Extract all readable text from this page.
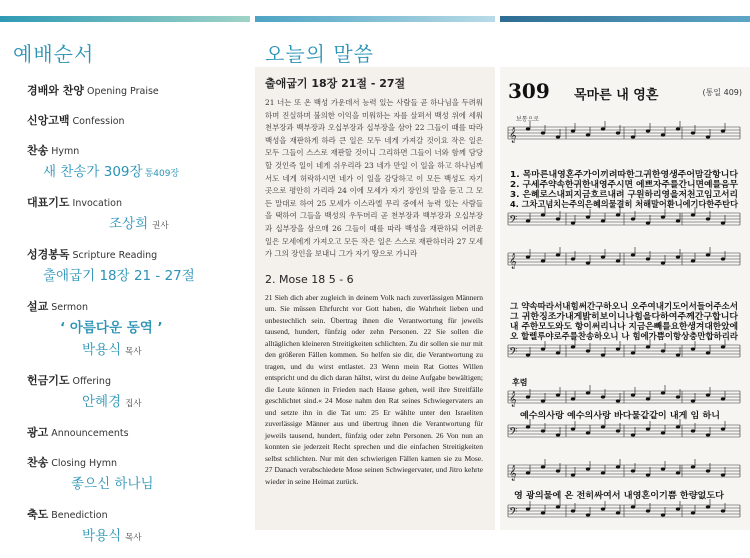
예배순서
경배와 찬양 Opening Praise
신앙고백 Confession
찬송 Hymn
새 찬송가 309장 통409장
대표기도 Invocation
조상희 권사
성경봉독 Scripture Reading
출애굽기 18장 21 - 27절
설교 Sermon
‘ 아름다운 동역 ’
박용식 목사
헌금기도 Offering
안혜경 집사
광고 Announcements
찬송 Closing Hymn
좋으신 하나님
축도 Benediction
박용식 목사
오늘의 말씀
출애굽기 18장 21절 - 27절

21 너는 또 온 백성 가운데서 능력 있는 사람들 곧 하나님을 두려워하며 진실하며 불의한 이익을 미워하는 자를 살펴서 백성 위에 세워 천부장과 백부장과 오십부장과 십부장을 삼아 22 그들이 때를 따라 백성을 재판하게 하라 큰 일은 모두 네게 가져갈 것이요 작은 일은 모두 그들이 스스로 재판할 것이니 그리하면 그들이 너와 함께 담당할 것인즉 일이 네게 쉬우리라 23 네가 만일 이 일을 하고 하나님께서도 네게 허락하시면 네가 이 일을 감당하고 이 모든 백성도 자기 곳으로 평안히 가리라 24 이에 모세가 자기 장인의 말을 듣고 그 모든 말대로 하여 25 모세가 이스라엘 무리 중에서 능력 있는 사람들을 택하여 그들을 백성의 우두머리 곧 천부장과 백부장과 오십부장과 십부장을 삼으매 26 그들이 때를 따라 백성을 재판하되 어려운 일은 모세에게 가져오고 모든 작은 일은 스스로 재판하더라 27 모세가 그의 장인을 보내니 그가 자기 땅으로 가니라

2. Mose 18 5 - 6

21 Sieh dich aber zugleich in deinem Volk nach zuverlässigen Männern um. Sie müssen Ehrfurcht vor Gott haben, die Wahrheit lieben und unbestechlich sein. Übertrag ihnen die Verantwortung für jeweils tausend, hundert, fünfzig oder zehn Personen. 22 Sie sollen die alltäglichen kleineren Streitigkeiten schlichten. Zu dir sollen sie nur mit den größeren Fällen kommen. So helfen sie dir, die Verantwortung zu tragen, und du wirst entlastet. 23 Wenn mein Rat Gottes Willen entspricht und du dich daran hältst, wirst du deine Aufgabe bewältigen; die Leute können in Frieden nach Hause gehen, weil ihre Streitfälle geschlichtet sind.« 24 Mose nahm den Rat seines Schwiegervaters an und setzte ihn in die Tat um: 25 Er wählte unter den Israeliten zuverlässige Männer aus und übertrug ihnen die Verantwortung für jeweils tausend, hundert, fünfzig oder zehn Personen. 26 Von nun an konnten sie jederzeit Recht sprechen und die einfachen Streitigkeiten selbst schlichten. Nur mit den schwierigen Fällen kamen sie zu Mose. 27 Danach verabschiedete Mose seinen Schwiegervater, und Jitro kehrte wieder in seine Heimat zurück.

309 목마른 내 영혼	(통일 409)
보통으로
𝄞
𝄢
𝄞
𝄢
𝄞
𝄢
𝄞
𝄢
1. 목마른내영혼주가이끼려따한그귀한영생주어맘갈항니다
2. 구세주약속한귀한내영주시면 에쁘자주를간니면예를음무
3. 은혜로스내피지금흐르내려 구원하리영을저천고임고서리
4. 그차고넘치는주의은혜의물결히 처해말어환니에기다한주탄다
그 약속따라서내힘써간구하오니 오주여내기도어서들어주소서
그 귀한징조가내게밝히보이니나힘을다하여주께간구합니다
내 주한모도와도 항이써리니나 지금은빼를요한생겨대한았에
오 할렐루야로주를찬송하오니 나 힘에가쁨이항상충만합하리라
후렴
예수의사랑 예수의사랑 바다물같같이 내게 임 하니
영 광의물에 온 전히싸여서 내영혼이기쁨 한량없도다
